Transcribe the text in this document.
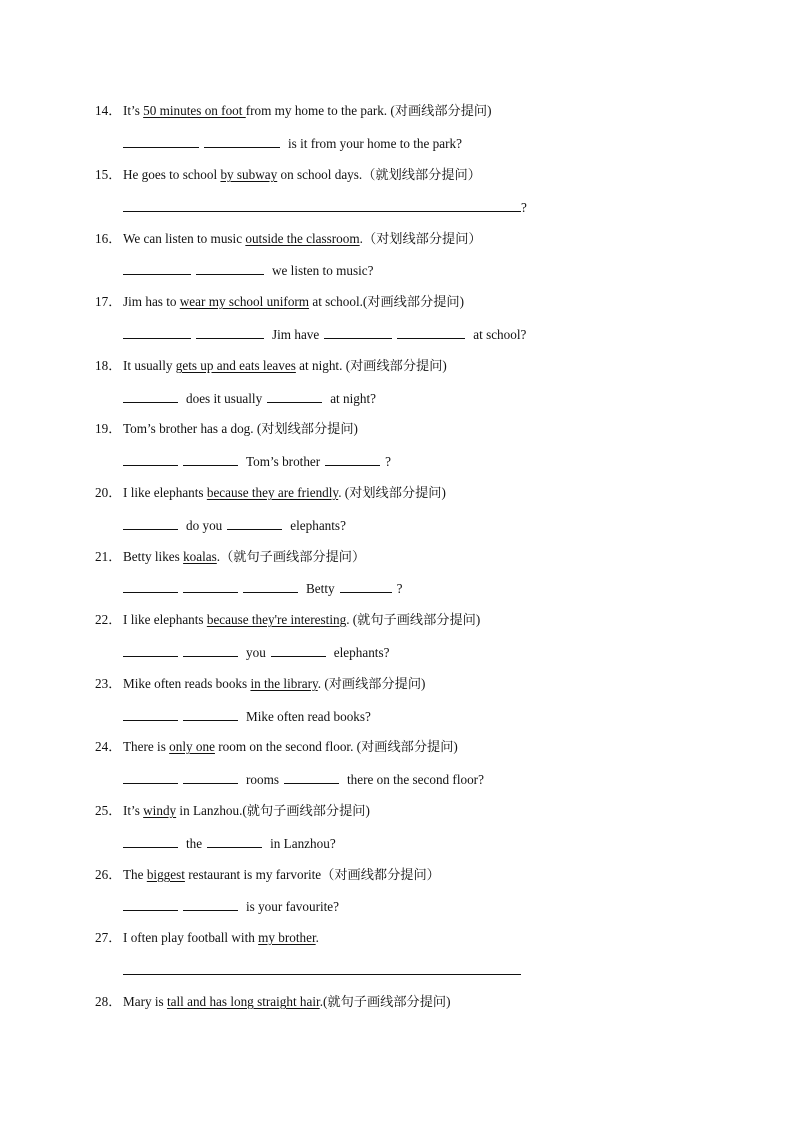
14． It’s 50 minutes on foot from my home to the park. (对画线部分提问)
is it from your home to the park?
15． He goes to school by subway on school days.（就划线部分提问）
?
16． We can listen to music outside the classroom.（对划线部分提问）
we listen to music?
17． Jim has to wear my school uniform at school.(对画线部分提问)
Jim have	at school?
18． It usually gets up and eats leaves at night. (对画线部分提问)
does it usually	at night?
19． Tom’s brother has a dog. (对划线部分提问)
Tom’s brother	?
20． I like elephants because they are friendly. (对划线部分提问)
do you	elephants?
21． Betty likes koalas.（就句子画线部分提问）
Betty	?
22． I like elephants because they're interesting. (就句子画线部分提问)
you	elephants?
23． Mike often reads books in the library. (对画线部分提问)
Mike often read books?
24． There is only one room on the second floor. (对画线部分提问)
rooms	there on the second floor?
25． It’s windy in Lanzhou.(就句子画线部分提问)
the	in Lanzhou?
26． The biggest restaurant is my farvorite（对画线都分提问）
is your favourite?
27． I often play football with my brother.
28． Mary is tall and has long straight hair.(就句子画线部分提问)
